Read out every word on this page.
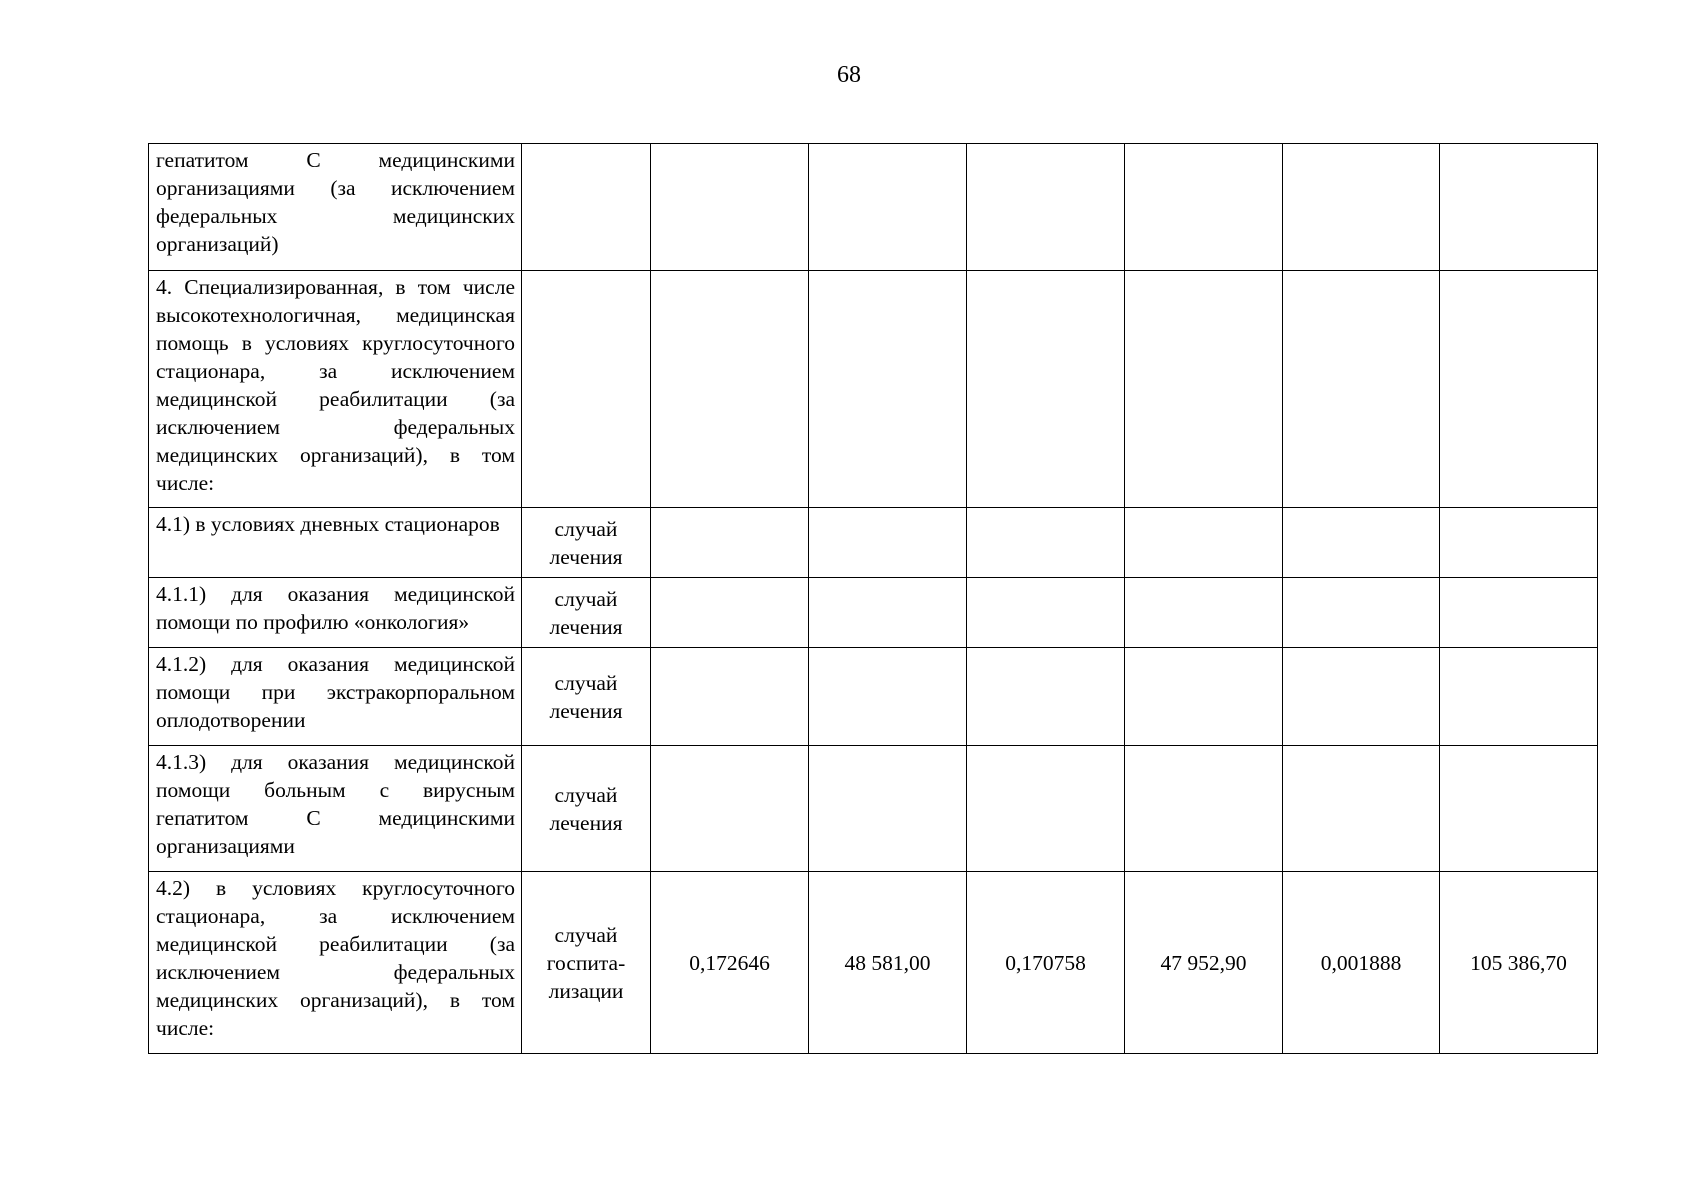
68
гепатитом С медицинскими организациями (за исключением федеральных медицинских организаций)							
4. Специализированная, в том числе высокотехнологичная, медицинская помощь в условиях круглосуточного стационара, за исключением медицинской реабилитации (за исключением федеральных медицинских организаций), в том числе:							
4.1) в условиях дневных стационаров	случай лечения						
4.1.1) для оказания медицинской помощи по профилю «онкология»	случай лечения						
4.1.2) для оказания медицинской помощи при экстракорпоральном оплодотворении	случай лечения						
4.1.3) для оказания медицинской помощи больным с вирусным гепатитом С медицинскими организациями	случай лечения						
4.2) в условиях круглосуточного стационара, за исключением медицинской реабилитации (за исключением федеральных медицинских организаций), в том числе:	случай госпита-лизации	0,172646	48 581,00	0,170758	47 952,90	0,001888	105 386,70
